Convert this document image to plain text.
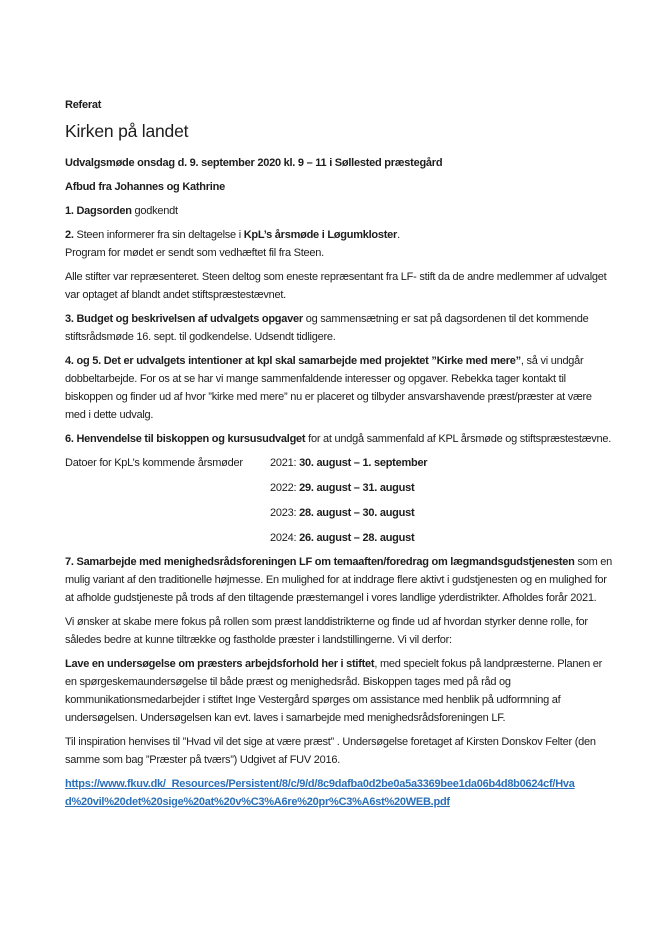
Referat
Kirken på landet
Udvalgsmøde onsdag d. 9. september 2020 kl. 9 – 11 i Søllested præstegård
Afbud fra Johannes og Kathrine
1. Dagsorden godkendt
2. Steen informerer fra sin deltagelse i KpL’s årsmøde i Løgumkloster.
Program for mødet er sendt som vedhæftet fil fra Steen.
Alle stifter var repræsenteret. Steen deltog som eneste repræsentant fra LF- stift da de andre medlemmer af udvalget var optaget af blandt andet stiftspræstestævnet.
3. Budget og beskrivelsen af udvalgets opgaver og sammensætning er sat på dagsordenen til det kommende stiftsrådsmøde 16. sept. til godkendelse. Udsendt tidligere.
4. og 5. Det er udvalgets intentioner at kpl skal samarbejde med projektet ”Kirke med mere”, så vi undgår dobbeltarbejde. For os at se har vi mange sammenfaldende interesser og opgaver. Rebekka tager kontakt til biskoppen og finder ud af hvor ”kirke med mere” nu er placeret og tilbyder ansvarshavende præst/præster at være med i dette udvalg.
6. Henvendelse til biskoppen og kursusudvalget for at undgå sammenfald af KPL årsmøde og stiftspræstestævne.
Datoer for KpL’s kommende årsmøder 2021: 30. august – 1. september
2022: 29. august – 31. august
2023: 28. august – 30. august
2024: 26. august – 28. august
7. Samarbejde med menighedsrådsforeningen LF om temaaften/foredrag om lægmandsgudstjenesten som en mulig variant af den traditionelle højmesse. En mulighed for at inddrage flere aktivt i gudstjenesten og en mulighed for at afholde gudstjeneste på trods af den tiltagende præstemangel i vores landlige yderdistrikter. Afholdes forår 2021.
Vi ønsker at skabe mere fokus på rollen som præst landdistrikterne og finde ud af hvordan styrker denne rolle, for således bedre at kunne tiltrække og fastholde præster i landstillingerne. Vi vil derfor:
Lave en undersøgelse om præsters arbejdsforhold her i stiftet, med specielt fokus på landpræsterne. Planen er en spørgeskemaundersøgelse til både præst og menighedsråd. Biskoppen tages med på råd og kommunikationsmedarbejder i stiftet Inge Vestergård spørges om assistance med henblik på udformning af undersøgelsen. Undersøgelsen kan evt. laves i samarbejde med menighedsrådsforeningen LF.
Til inspiration henvises til ”Hvad vil det sige at være præst” . Undersøgelse foretaget af Kirsten Donskov Felter (den samme som bag ”Præster på tværs”) Udgivet af FUV 2016.
https://www.fkuv.dk/_Resources/Persistent/8/c/9/d/8c9dafba0d2be0a5a3369bee1da06b4d8b0624cf/Hva
d%20vil%20det%20sige%20at%20v%C3%A6re%20pr%C3%A6st%20WEB.pdf
